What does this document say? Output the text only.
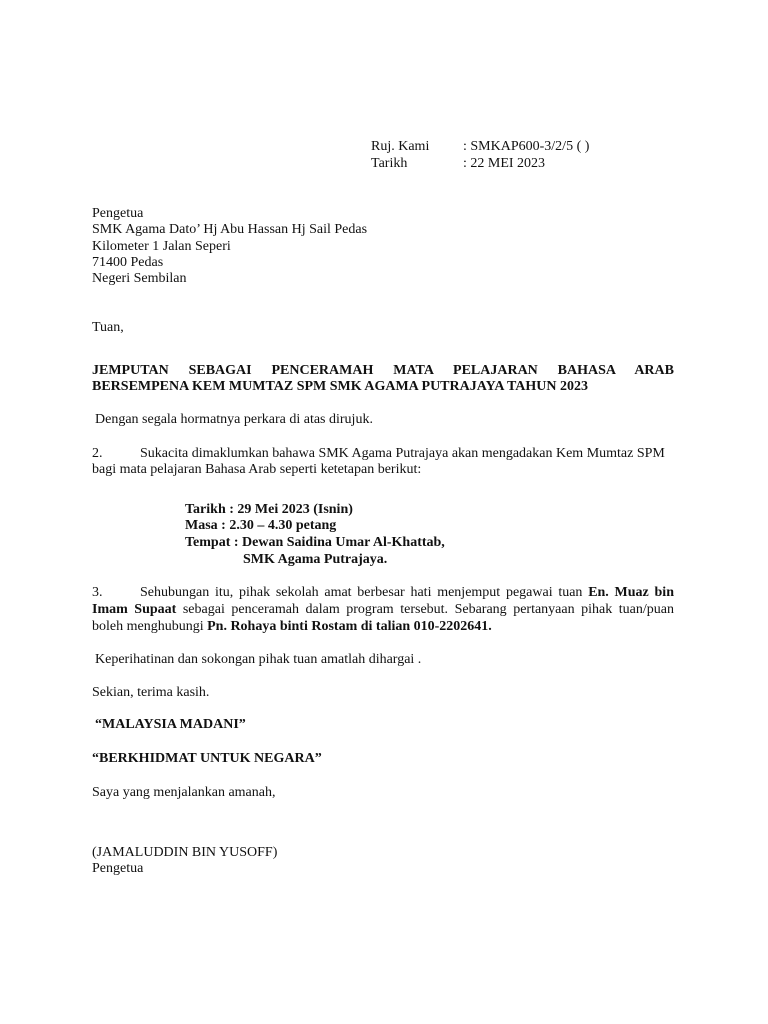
Ruj. Kami : SMKAP600-3/2/5 ( )
Tarikh	: 22 MEI 2023
Pengetua
SMK Agama Dato’ Hj Abu Hassan Hj Sail Pedas
Kilometer 1 Jalan Seperi
71400 Pedas
Negeri Sembilan
Tuan,
JEMPUTAN SEBAGAI PENCERAMAH MATA PELAJARAN BAHASA ARAB
BERSEMPENA KEM MUMTAZ SPM SMK AGAMA PUTRAJAYA TAHUN 2023
Dengan segala hormatnya perkara di atas dirujuk.
2.	Sukacita dimaklumkan bahawa SMK Agama Putrajaya akan mengadakan Kem Mumtaz SPM
bagi mata pelajaran Bahasa Arab seperti ketetapan berikut:
Tarikh : 29 Mei 2023 (Isnin)
Masa : 2.30 – 4.30 petang
Tempat : Dewan Saidina Umar Al-Khattab,
SMK Agama Putrajaya.
3.	Sehubungan itu, pihak sekolah amat berbesar hati menjemput pegawai tuan En. Muaz bin
Imam Supaat sebagai penceramah dalam program tersebut. Sebarang pertanyaan pihak tuan/puan
boleh menghubungi Pn. Rohaya binti Rostam di talian 010-2202641.
Keperihatinan dan sokongan pihak tuan amatlah dihargai .
Sekian, terima kasih.
“MALAYSIA MADANI”
“BERKHIDMAT UNTUK NEGARA”
Saya yang menjalankan amanah,
(JAMALUDDIN BIN YUSOFF)
Pengetua
